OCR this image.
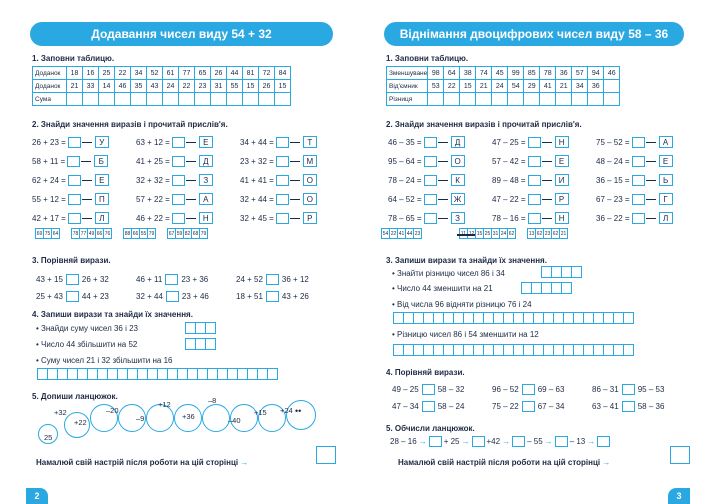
Додавання чисел виду 54 + 32
1. Заповни таблицю.
Доданок	18	16	25	22	34	52	61	77	65	26	44	81	72	84
Доданок	21	33	14	46	35	43	24	22	23	31	55	15	26	15
Сума														
2. Знайди значення виразів і прочитай прислів'я.
26 + 23 =	У	63 + 12 =	Е	34 + 44 =	Т
58 + 11 =	Б	41 + 25 =	Д	23 + 32 =	М
62 + 24 =	Е	32 + 32 =	З	41 + 41 =	О
55 + 12 =	П	57 + 22 =	А	32 + 44 =	О
42 + 17 =	Л	46 + 22 =	Н	32 + 45 =	Р
69 75 64	78 77 49 66 76	88 66 55 79	67 59 82 68 79
3. Порівняй вирази.
43 + 15 26 + 32	46 + 11 23 + 36	24 + 52 36 + 12
25 + 43 44 + 23	32 + 44 23 + 46	18 + 51 43 + 26
4. Запиши вирази та знайди їх значення.
• Знайди суму чисел 36 і 23
• Число 44 збільшити на 52
• Суму чисел 21 і 32 збільшити на 16
5. Допиши ланцюжок.
25
••
+32
+22
–20
–9
+12
+36
–8
–40
+15 +24
Намалюй свій настрій після роботи на цій сторінці →
2
Віднімання двоцифрових чисел виду 58 – 36
1. Заповни таблицю.
Зменшуване	98	64	38	74	45	99	85	78	36	57	94	46
Від'ємник	53	22	15	21	24	54	29	41	21	34	36	
Різниця												
2. Знайди значення виразів і прочитай прислів'я.
46 – 35 =	Д	47 – 25 =	Н	75 – 52 =	А
95 – 64 =	О	57 – 42 =	Е	48 – 24 =	Е
78 – 24 =	К	89 – 48 =	И	36 – 15 =	Ь
64 – 52 =	Ж	47 – 22 =	Р	67 – 23 =	Г
78 – 65 =	З	78 – 16 =	Н	36 – 22 =	Л
54 22 41 44 23	11 12 15 25 31 24 62	13 62 23 62 21
3. Запиши вирази та знайди їх значення.
• Знайти різницю чисел 86 і 34
• Число 44 зменшити на 21
• Від числа 96 відняти різницю 76 і 24
• Різницю чисел 86 і 54 зменшити на 12
4. Порівняй вирази.
49 – 25 58 – 32	96 – 52 69 – 63	86 – 31 95 – 53
47 – 34 58 – 24	75 – 22 67 – 34	63 – 41 58 – 36
5. Обчисли ланцюжок.
28 – 16 → + 25 → +42 → – 55 → – 13 →
Намалюй свій настрій після роботи на цій сторінці →
3
